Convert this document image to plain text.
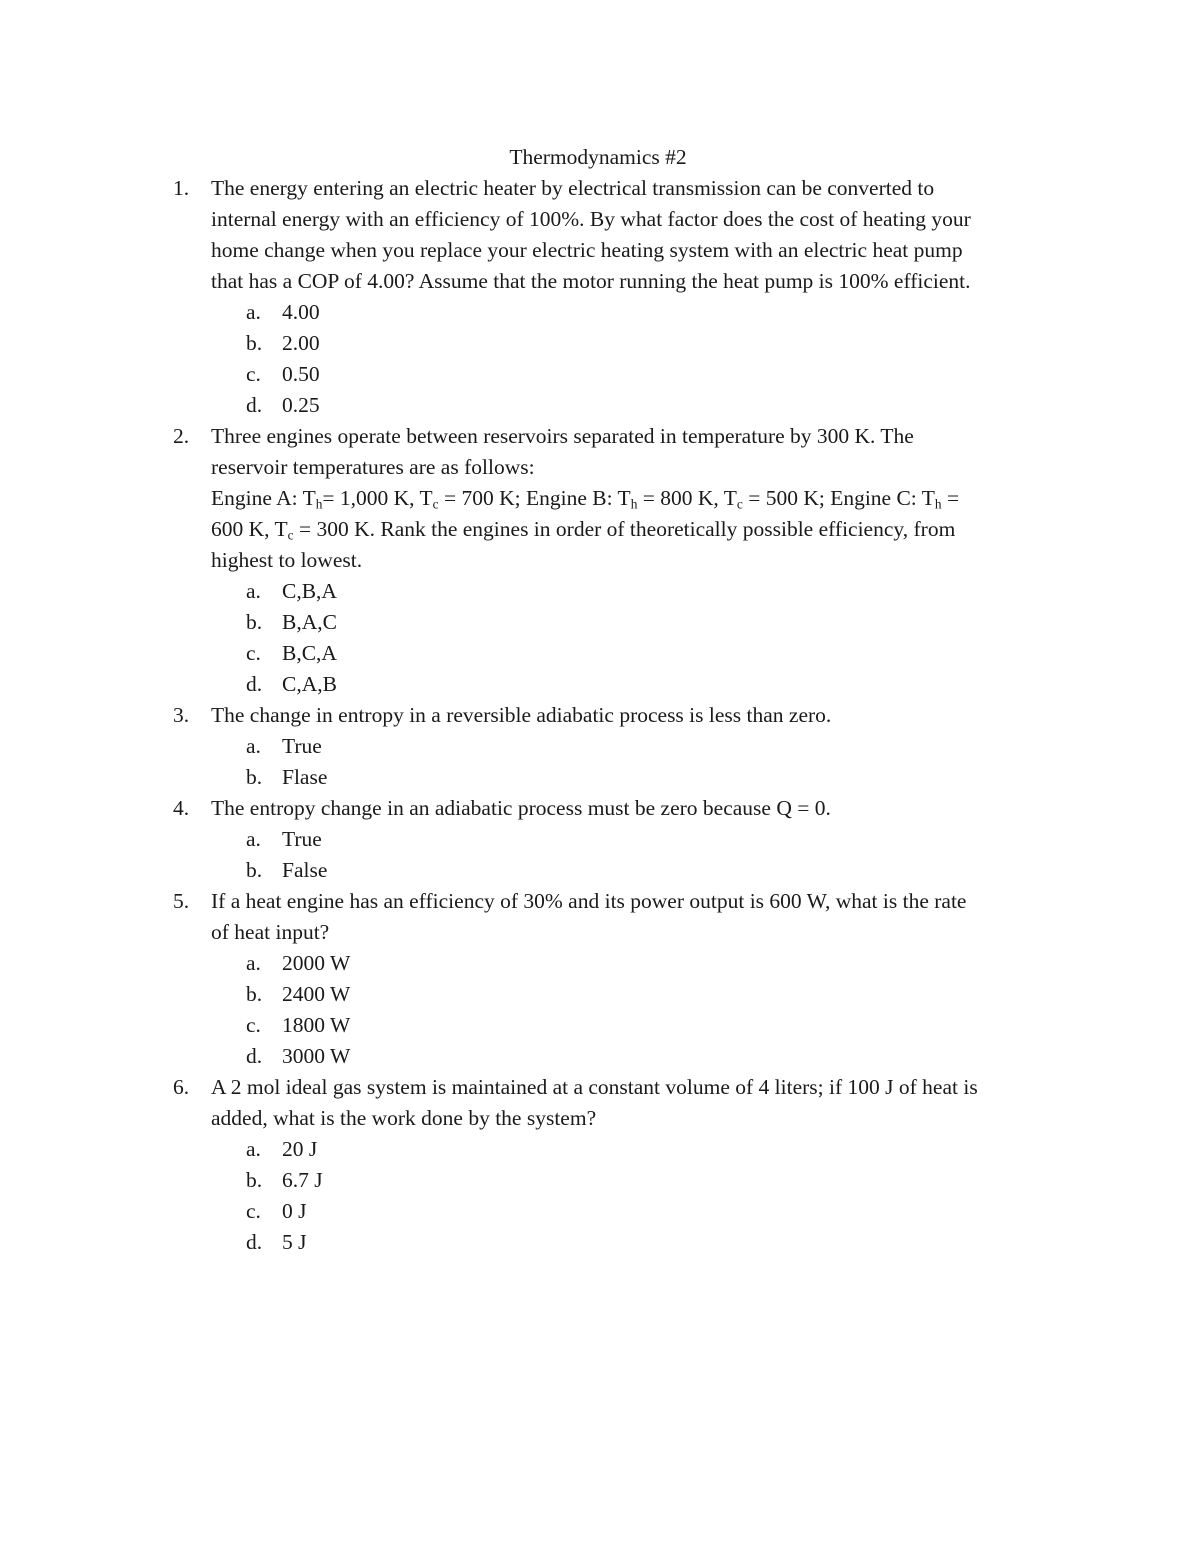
Thermodynamics #2
1. The energy entering an electric heater by electrical transmission can be converted to
internal energy with an efficiency of 100%. By what factor does the cost of heating your
home change when you replace your electric heating system with an electric heat pump
that has a COP of 4.00? Assume that the motor running the heat pump is 100% efficient.
a. 4.00
b. 2.00
c. 0.50
d. 0.25
2. Three engines operate between reservoirs separated in temperature by 300 K. The
reservoir temperatures are as follows:
Engine A: $T_h= 1,000$ K, $T_c = 700$ K; Engine B: $T_h = 800$ K, $T_c = 500$ K; Engine C: $T_h$ =
600 K, $T_c = 300$ K. Rank the engines in order of theoretically possible efficiency, from
highest to lowest.
a. C,B,A
b. B,A,C
c. B,C,A
d. C,A,B
3. The change in entropy in a reversible adiabatic process is less than zero.
a. True
b. Flase
4. The entropy change in an adiabatic process must be zero because Q = 0.
a. True
b. False
5. If a heat engine has an efficiency of 30% and its power output is 600 W, what is the rate
of heat input?
a. 2000 W
b. 2400 W
c. 1800 W
d. 3000 W
6. A 2 mol ideal gas system is maintained at a constant volume of 4 liters; if 100 J of heat is
added, what is the work done by the system?
a. 20 J
b. 6.7 J
c. 0 J
d. 5 J
